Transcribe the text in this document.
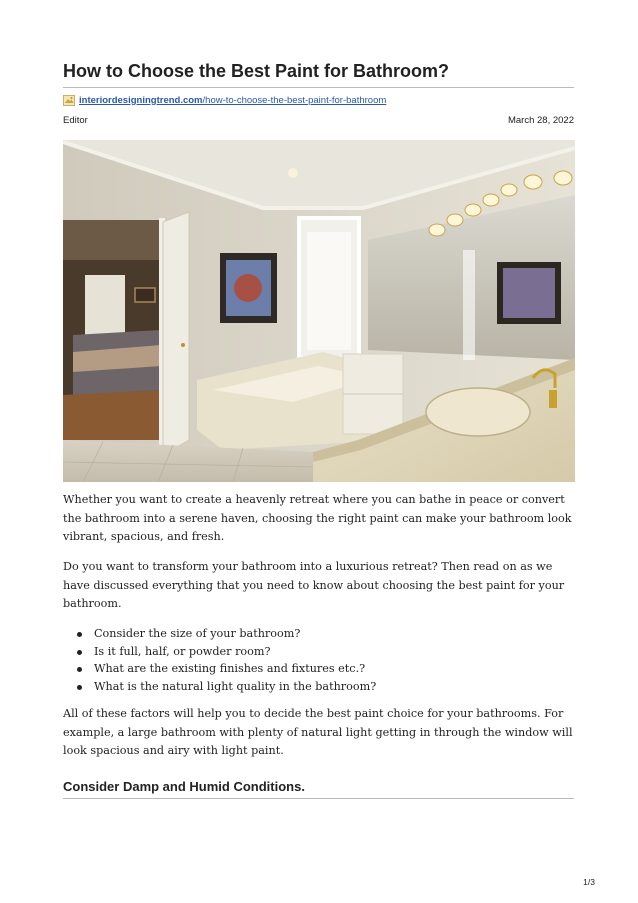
How to Choose the Best Paint for Bathroom?
interiordesigningtrend.com /how-to-choose-the-best-paint-for-bathroom
Editor	March 28, 2022

Whether you want to create a heavenly retreat where you can bathe in peace or convert the bathroom into a serene haven, choosing the right paint can make your bathroom look vibrant, spacious, and fresh.

Do you want to transform your bathroom into a luxurious retreat? Then read on as we have discussed everything that you need to know about choosing the best paint for your bathroom.

Consider the size of your bathroom?
Is it full, half, or powder room?
What are the existing finishes and fixtures etc.?
What is the natural light quality in the bathroom?

All of these factors will help you to decide the best paint choice for your bathrooms. For example, a large bathroom with plenty of natural light getting in through the window will look spacious and airy with light paint.

Consider Damp and Humid Conditions.
1/3
